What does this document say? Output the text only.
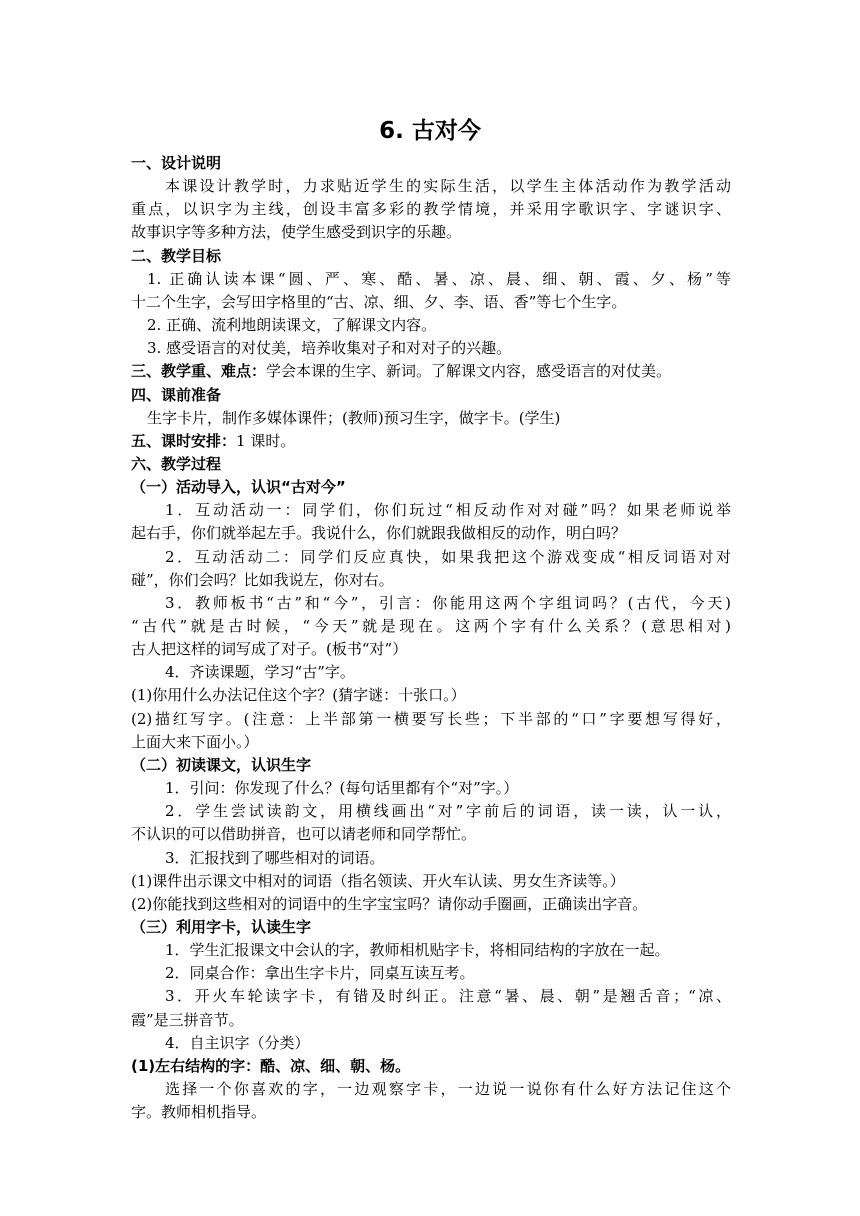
6. 古对今
一、设计说明
本课设计教学时，力求贴近学生的实际生活，以学生主体活动作为教学活动
重点，以识字为主线，创设丰富多彩的教学情境，并采用字歌识字、字谜识字、
故事识字等多种方法，使学生感受到识字的乐趣。
二、教学目标
1. 正确认读本课“圆、严、寒、酷、暑、凉、晨、细、朝、霞、夕、杨”等
十二个生字，会写田字格里的“古、凉、细、夕、李、语、香”等七个生字。
2. 正确、流利地朗读课文，了解课文内容。
3. 感受语言的对仗美，培养收集对子和对对子的兴趣。
三、教学重、难点：学会本课的生字、新词。了解课文内容，感受语言的对仗美。
四、课前准备
生字卡片，制作多媒体课件；(教师)预习生字，做字卡。(学生)
五、课时安排：1 课时。
六、教学过程
（一）活动导入，认识“古对今”
1．互动活动一：同学们，你们玩过“相反动作对对碰”吗？如果老师说举
起右手，你们就举起左手。我说什么，你们就跟我做相反的动作，明白吗？
2．互动活动二：同学们反应真快，如果我把这个游戏变成“相反词语对对
碰”，你们会吗？比如我说左，你对右。
3．教师板书“古”和“今”，引言：你能用这两个字组词吗？(古代，今天)
“古代”就是古时候，“今天”就是现在。这两个字有什么关系？(意思相对)
古人把这样的词写成了对子。(板书“对”）
4．齐读课题，学习“古”字。
(1)你用什么办法记住这个字？(猜字谜：十张口。）
(2)描红写字。(注意：上半部第一横要写长些；下半部的“口”字要想写得好，
上面大来下面小。）
（二）初读课文，认识生字
1．引问：你发现了什么？(每句话里都有个“对”字。）
2．学生尝试读韵文，用横线画出“对”字前后的词语，读一读，认一认，
不认识的可以借助拼音，也可以请老师和同学帮忙。
3．汇报找到了哪些相对的词语。
(1)课件出示课文中相对的词语（指名领读、开火车认读、男女生齐读等。）
(2)你能找到这些相对的词语中的生字宝宝吗？请你动手圈画，正确读出字音。
（三）利用字卡，认读生字
1．学生汇报课文中会认的字，教师相机贴字卡，将相同结构的字放在一起。
2．同桌合作：拿出生字卡片，同桌互读互考。
3．开火车轮读字卡，有错及时纠正。注意“暑、晨、朝”是翘舌音；“凉、
霞”是三拼音节。
4．自主识字（分类）
(1)左右结构的字：酷、凉、细、朝、杨。
选择一个你喜欢的字，一边观察字卡，一边说一说你有什么好方法记住这个
字。教师相机指导。
